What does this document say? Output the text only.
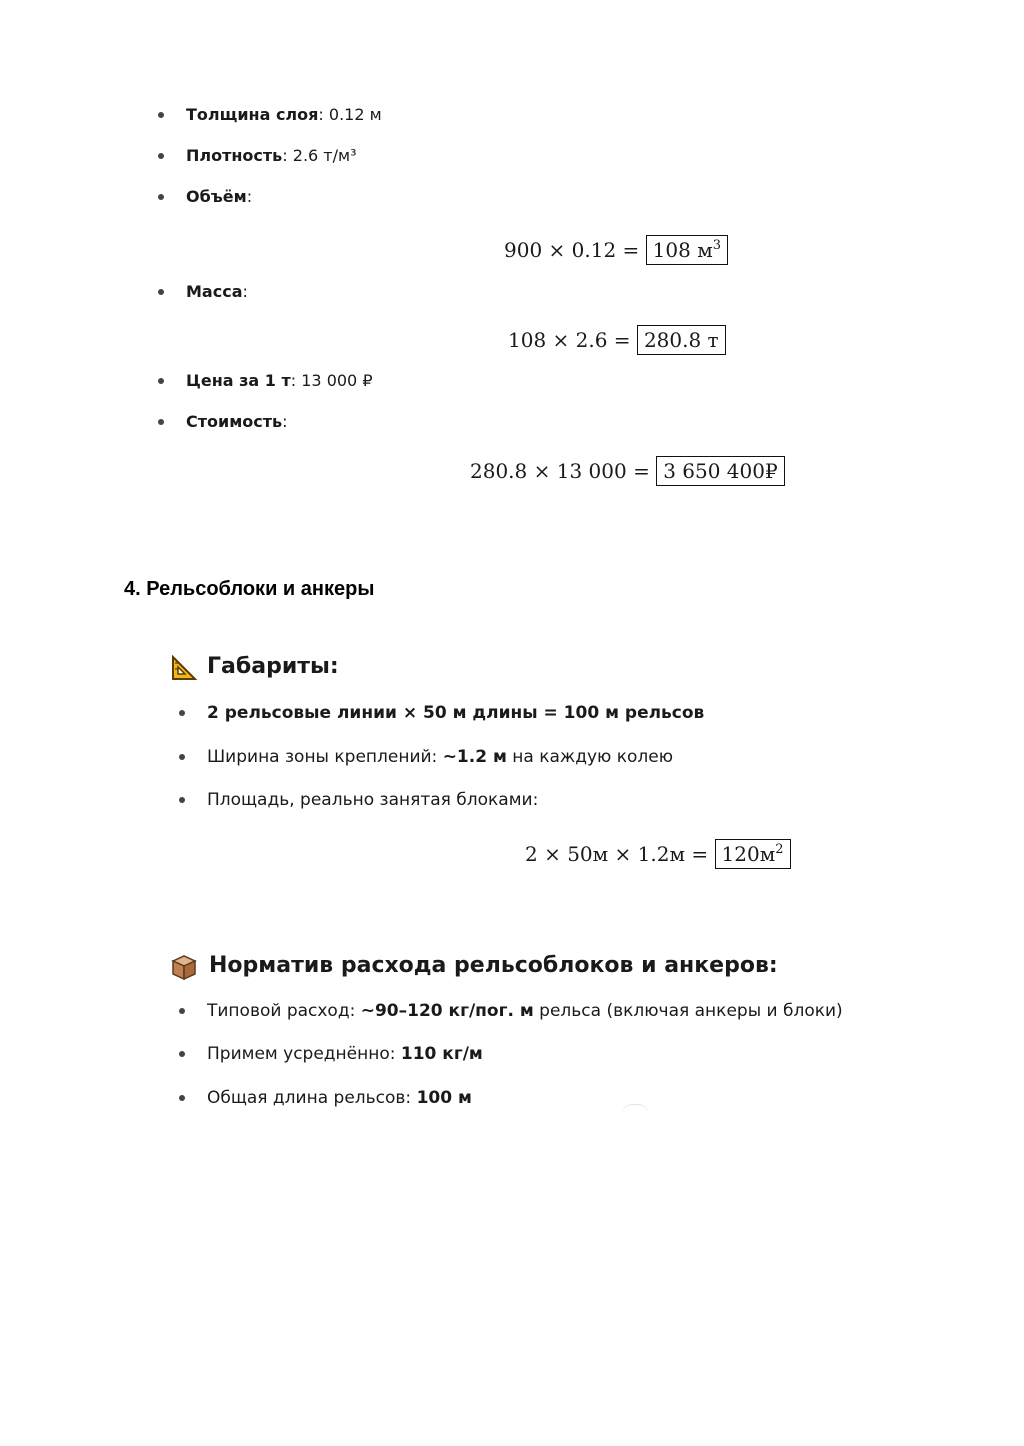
Толщина слоя: 0.12 м
Плотность: 2.6 т/м³
Объём:
900 × 0.12 = 108 $м^3$
Масса:
108 × 2.6 = 280.8 т
Цена за 1 т: 13 000 ₽
Стоимость:
280.8 × 13 000 = 3 650 400₽
4. Рельсоблоки и анкеры
Габариты:
2 рельсовые линии × 50 м длины = 100 м рельсов
Ширина зоны креплений: ~1.2 м на каждую колею
Площадь, реально занятая блоками:
$2 \times 50м \times 1.2м = 120м^2$
Норматив расхода рельсоблоков и анкеров:
Типовой расход: ~90–120 кг/пог. м рельса (включая анкеры и блоки)
Примем усреднённо: 110 кг/м
Общая длина рельсов: 100 м
